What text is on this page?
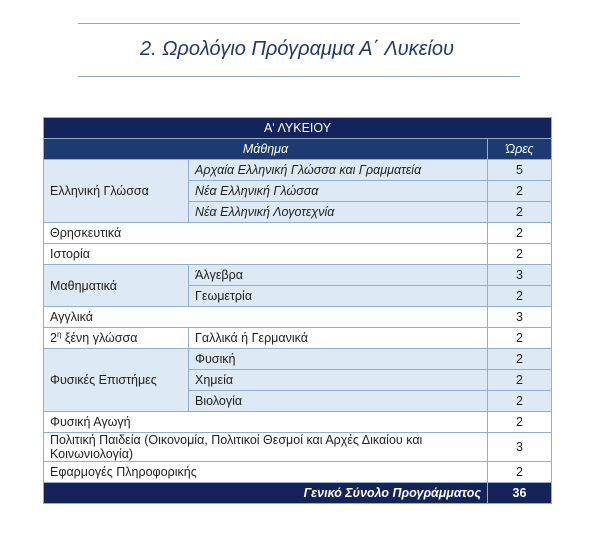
2. Ωρολόγιο Πρόγραμμα Α΄ Λυκείου
Α' ΛΥΚΕΙΟΥ		
Μάθημα		Ώρες
Ελληνική Γλώσσα	Αρχαία Ελληνική Γλώσσα και Γραμματεία	5
	Νέα Ελληνική Γλώσσα	2
	Νέα Ελληνική Λογοτεχνία	2
Θρησκευτικά		2
Ιστορία		2
Μαθηματικά	Άλγεβρα	3
	Γεωμετρία	2
Αγγλικά		3
$2^\eta$ ξένη γλώσσα	Γαλλικά ή Γερμανικά	2
Φυσικές Επιστήμες	Φυσική	2
	Χημεία	2
	Βιολογία	2
Φυσική Αγωγή		2
Πολιτική Παιδεία (Οικονομία, Πολιτικοί Θεσμοί και Αρχές Δικαίου και Κοινωνιολογία)		3
Εφαρμογές Πληροφορικής		2
Γενικό Σύνολο Προγράμματος		36
